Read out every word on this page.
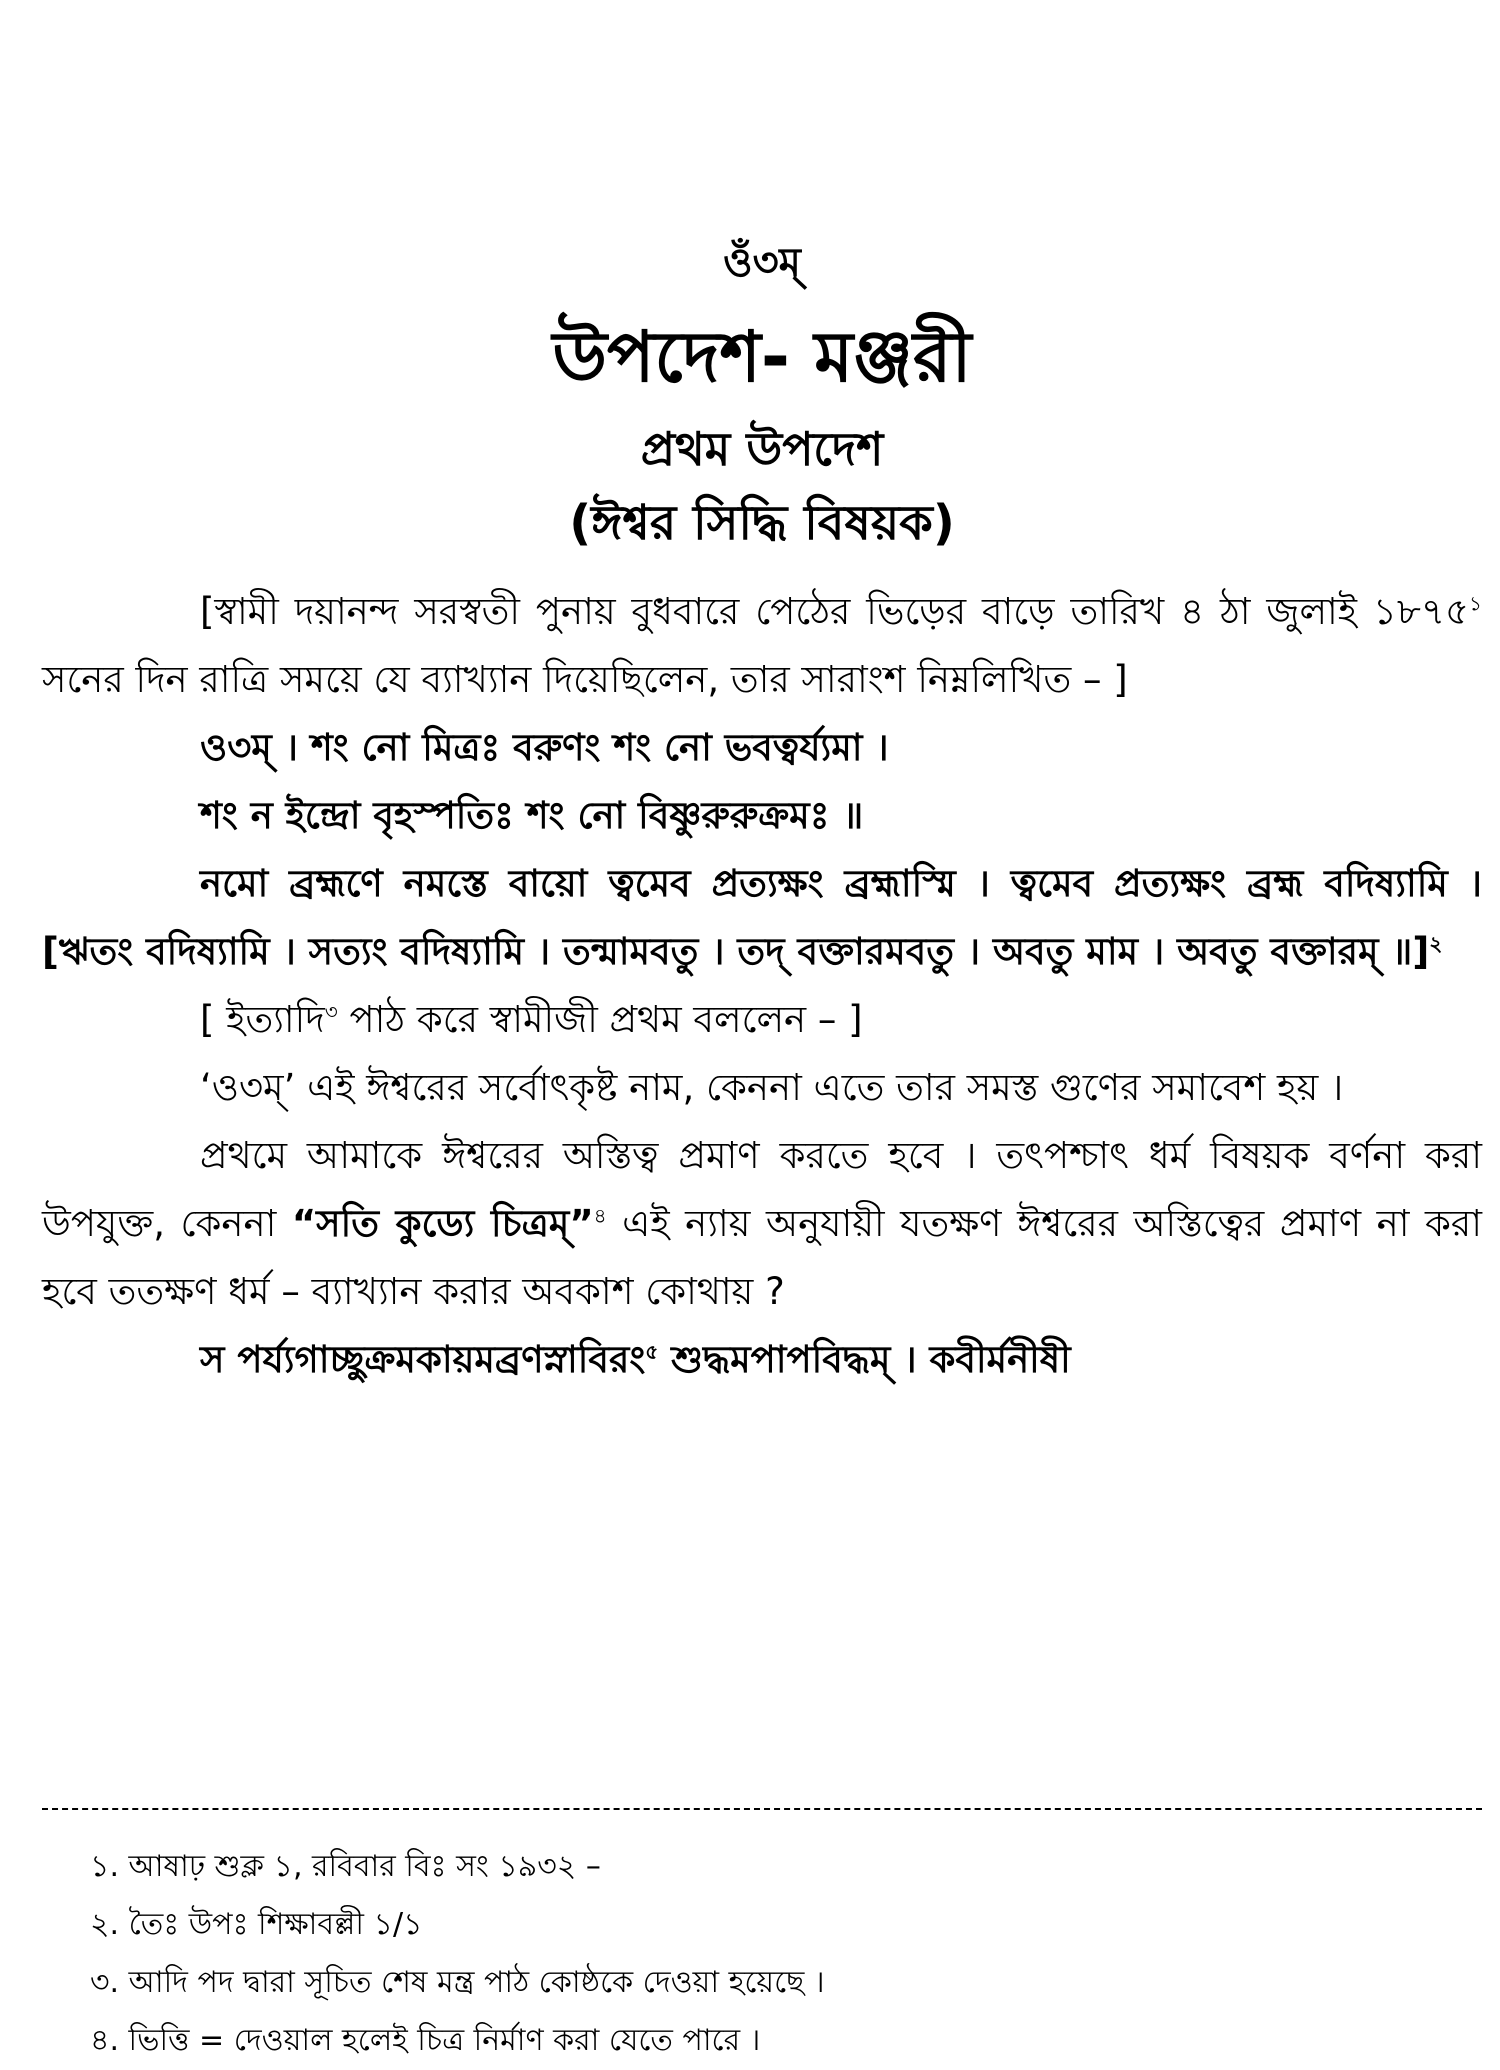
ওঁ৩ম্
উপদেশ- মঞ্জরী
প্রথম উপদেশ
(ঈশ্বর সিদ্ধি বিষয়ক)

[স্বামী দয়ানন্দ সরস্বতী পুনায় বুধবারে পেঠের ভিড়ের বাড়ে তারিখ ৪ ঠা জুলাই ১৮৭৫$^১$ সনের দিন রাত্রি সময়ে যে ব্যাখ্যান দিয়েছিলেন, তার সারাংশ নিম্নলিখিত – ]

ও৩ম্ । শং নো মিত্রঃ বরুণং শং নো ভবত্বর্য্যমা ।

শং ন ইন্দ্রো বৃহস্পতিঃ শং নো বিষ্ণুরুরুক্রমঃ ॥

নমো ব্রহ্মণে নমস্তে বায়ো ত্বমেব প্রত্যক্ষং ব্রহ্মাস্মি । ত্বমেব প্রত্যক্ষং ব্রহ্ম বদিষ্যামি । [ঋতং বদিষ্যামি । সত্যং বদিষ্যামি । তন্মামবতু । তদ্ বক্তারমবতু । অবতু মাম । অবতু বক্তারম্ ॥]$^২$

[ ইত্যাদি$^৩$ পাঠ করে স্বামীজী প্রথম বললেন – ]

‘ও৩ম্’ এই ঈশ্বরের সর্বোৎকৃষ্ট নাম, কেননা এতে তার সমস্ত গুণের সমাবেশ হয় ।

প্রথমে আমাকে ঈশ্বরের অস্তিত্ব প্রমাণ করতে হবে । তৎপশ্চাৎ ধর্ম বিষয়ক বর্ণনা করা উপযুক্ত, কেননা “সতি কুড্যে চিত্রম্”$^৪$ এই ন্যায় অনুযায়ী যতক্ষণ ঈশ্বরের অস্তিত্বের প্রমাণ না করা হবে ততক্ষণ ধর্ম – ব্যাখ্যান করার অবকাশ কোথায় ?

স পর্য্যগাচ্ছুক্রমকায়মব্রণস্নাবিরং$^৫$ শুদ্ধমপাপবিদ্ধম্ । কবীর্মনীষী

১. আষাঢ় শুক্ল ১, রবিবার বিঃ সং ১৯৩২ –

২. তৈঃ উপঃ শিক্ষাবল্লী ১/১

৩. আদি পদ দ্বারা সূচিত শেষ মন্ত্র পাঠ কোষ্ঠকে দেওয়া হয়েছে ।

৪. ভিত্তি = দেওয়াল হলেই চিত্র নির্মাণ করা যেতে পারে ।
